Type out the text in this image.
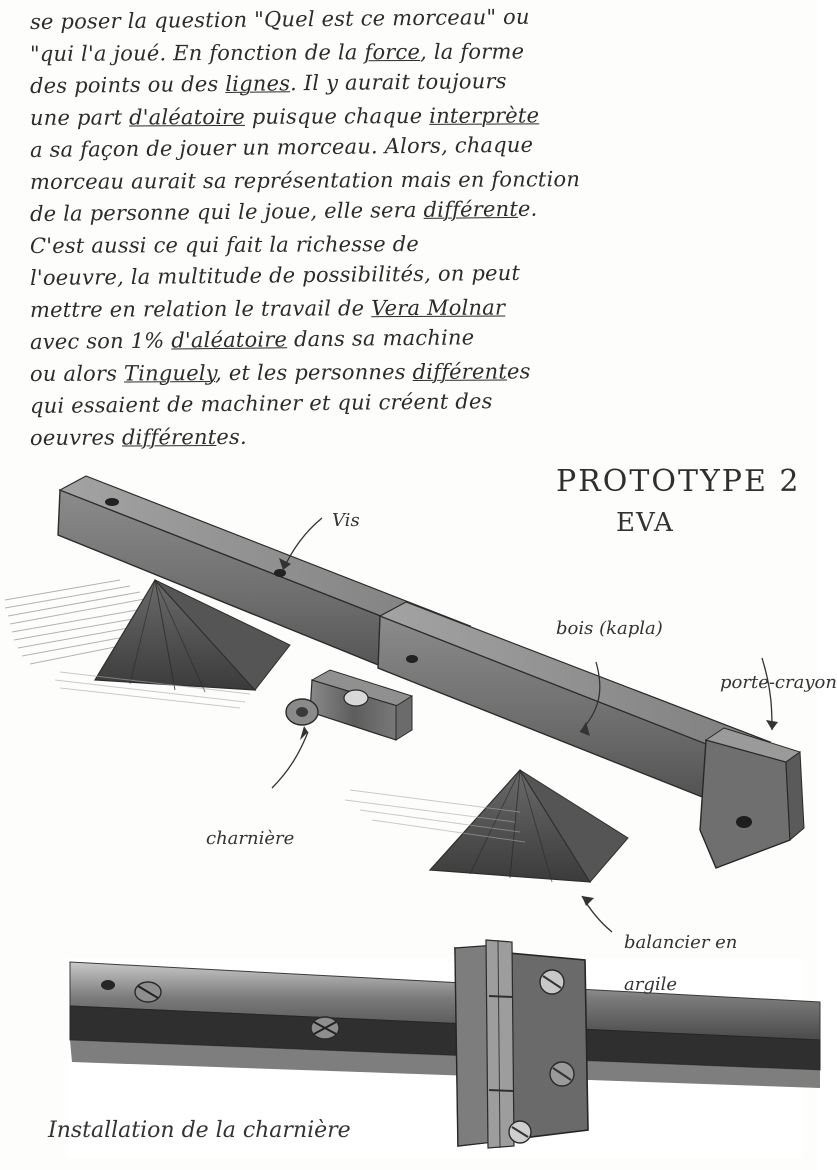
se poser la question "Quel est ce morceau" ou
"qui l'a joué. En fonction de la force, la forme
des points ou des lignes. Il y aurait toujours
une part d'aléatoire puisque chaque interprète
a sa façon de jouer un morceau. Alors, chaque
morceau aurait sa représentation mais en fonction
de la personne qui le joue, elle sera différente.
C'est aussi ce qui fait la richesse de
l'oeuvre, la multitude de possibilités, on peut
mettre en relation le travail de Vera Molnar
avec son 1% d'aléatoire dans sa machine
ou alors Tinguely, et les personnes différentes
qui essaient de machiner et qui créent des
oeuvres différentes.
Vis
PROTOTYPE 2
EVA
bois (kapla)
porte-crayon
charnière
balancier en
argile
Installation de la charnière
